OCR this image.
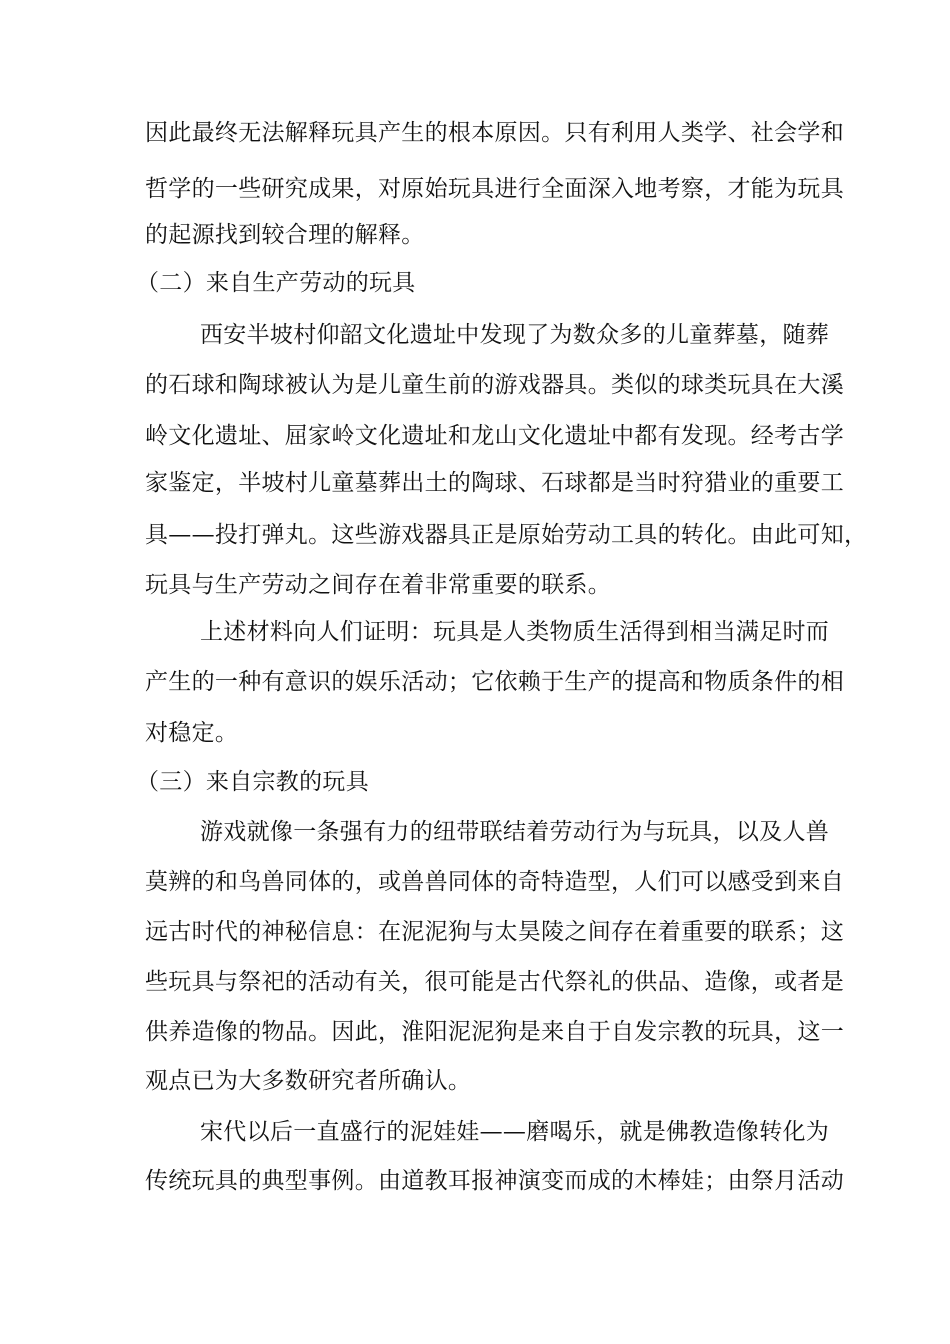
因此最终无法解释玩具产生的根本原因。只有利用人类学、社会学和
哲学的一些研究成果，对原始玩具进行全面深入地考察，才能为玩具
的起源找到较合理的解释。
（二）来自生产劳动的玩具
西安半坡村仰韶文化遗址中发现了为数众多的儿童葬墓，随葬
的石球和陶球被认为是儿童生前的游戏器具。类似的球类玩具在大溪
岭文化遗址、屈家岭文化遗址和龙山文化遗址中都有发现。经考古学
家鉴定，半坡村儿童墓葬出土的陶球、石球都是当时狩猎业的重要工
具——投打弹丸。这些游戏器具正是原始劳动工具的转化。由此可知，
玩具与生产劳动之间存在着非常重要的联系。
上述材料向人们证明：玩具是人类物质生活得到相当满足时而
产生的一种有意识的娱乐活动；它依赖于生产的提高和物质条件的相
对稳定。
（三）来自宗教的玩具
游戏就像一条强有力的纽带联结着劳动行为与玩具，以及人兽
莫辨的和鸟兽同体的，或兽兽同体的奇特造型，人们可以感受到来自
远古时代的神秘信息：在泥泥狗与太昊陵之间存在着重要的联系；这
些玩具与祭祀的活动有关，很可能是古代祭礼的供品、造像，或者是
供养造像的物品。因此，淮阳泥泥狗是来自于自发宗教的玩具，这一
观点已为大多数研究者所确认。
宋代以后一直盛行的泥娃娃——磨喝乐，就是佛教造像转化为
传统玩具的典型事例。由道教耳报神演变而成的木棒娃；由祭月活动
